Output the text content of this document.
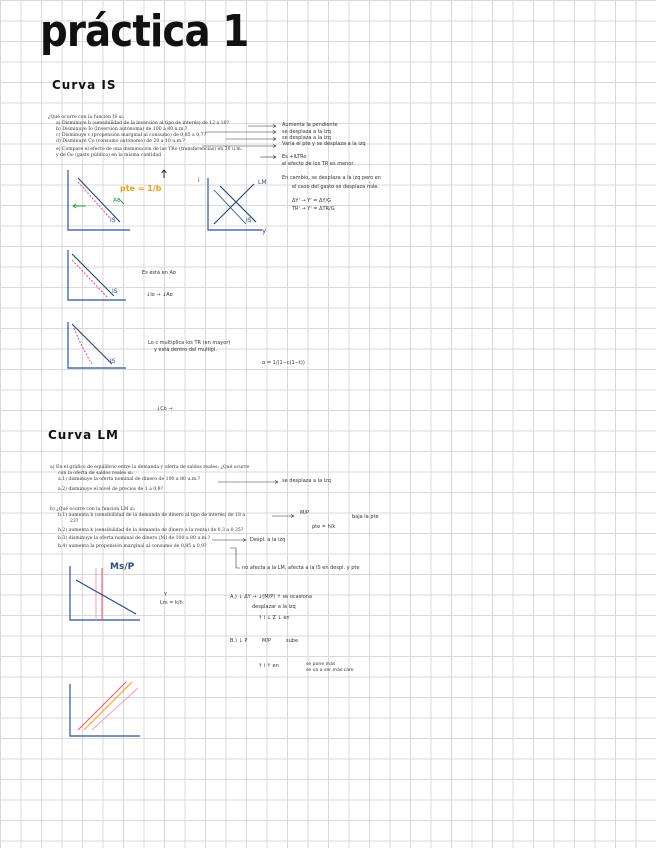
práctica 1
Curva IS
¿Qué ocurre con la función IS si:
a) Disminuye b (sensibilidad de la inversión al tipo de interés) de 12 a 10?
b) Disminuye Io (Inversión autónoma) de 100 a 80 u.m.?
c) Disminuye c (propensión marginal al consumo) de 0,85 a 0,7?
d) Disminuye Co (consumo autónomo) de 20 a 10 u.m.?
e) Compare el efecto de una disminución de las TRo (transferencias) en 20 u.m.
y de Go (gasto público) en la misma cantidad
Aumenta la pendiente
se desplaza a la izq
se desplaza a la izq
Varía el pte y se desplaza a la izq
Es +ILTRo
el efecto de los TR es menor
En cambio, se desplaza a la izq pero en
el caso del gasto se desplaza más.
ΔY' → Y' = ΔY/G
TR' → Y' = ΔTR/G
pte = 1/b
Ao
IS
i	LM
IS
y
IS
Es está en Ao
↓Io → ↓Ao
IS
Lo c multiplica los TR (en mayor)
y está dentro del multipl.
α = 1/(1−c(1−t))
↓Co →
Curva LM
a) En el gráfico de equilibrio entre la demanda y oferta de saldos reales: ¿Qué ocurre
con la oferta de saldos reales si:
a.1) disminuye la oferta nominal de dinero de 100 a 80 u.m.?
a.2) disminuye el nivel de precios de 1 a 0,8?
se desplaza a la izq
b) ¿Qué ocurre con la función LM si:
b.1) aumenta h (sensibilidad de la demanda de dinero al tipo de interés) de 18 a
23?
b.2) aumenta k (sensibilidad de la demanda de dinero a la renta) de 0,3 a 0,35?
b.3) disminuye la oferta nominal de dinero (M) de 100 a 80 u.m.?
b.4) aumenta la propensión marginal al consumo de 0,85 a 0,9?
M/P
baja la pte
pte = h/k
Despl. a la izq
no afecta a la LM, afecta a la IS en despl. y pte
Ms/P
Y
Lm = k/h
A.) ↓ ΔY → ↓(M/P) ↑ se ocasiona
desplazar a la izq
↑ i ↓ Z ↓ en
B.) ↓ P	M/P	sube
↑ i ↑ en	se pone más
se va a ser más caro
